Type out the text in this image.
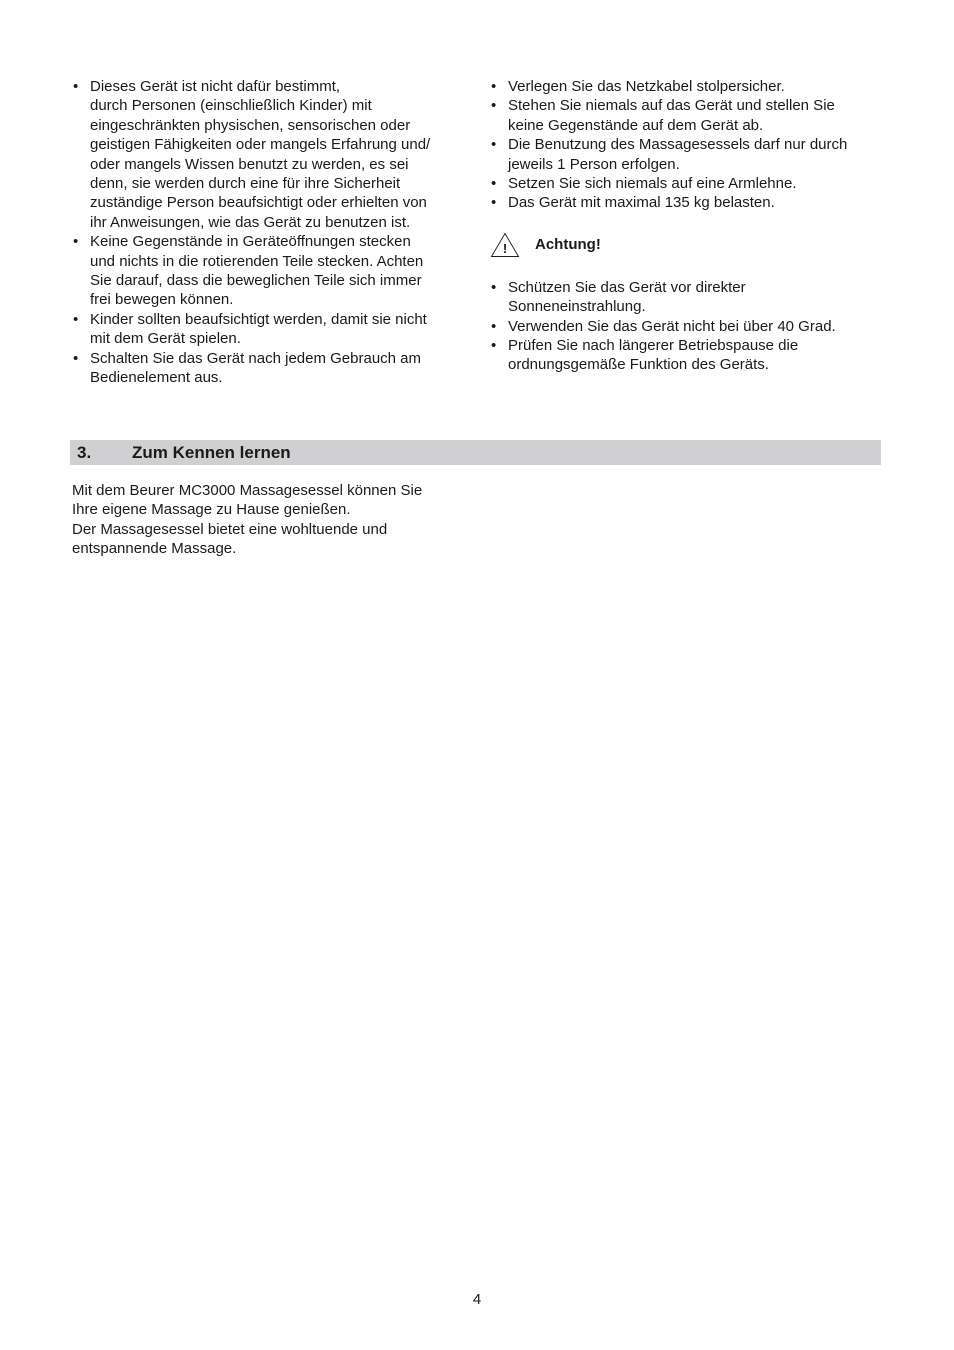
• Dieses Gerät ist nicht dafür bestimmt,
durch Personen (einschließlich Kinder) mit
eingeschränkten physischen, sensorischen oder
geistigen Fähigkeiten oder mangels Erfahrung und/
oder mangels Wissen benutzt zu werden, es sei
denn, sie werden durch eine für ihre Sicherheit
zuständige Person beaufsichtigt oder erhielten von
ihr Anweisungen, wie das Gerät zu benutzen ist.
• Keine Gegenstände in Geräteöffnungen stecken
und nichts in die rotierenden Teile stecken. Achten
Sie darauf, dass die beweglichen Teile sich immer
frei bewegen können.
• Kinder sollten beaufsichtigt werden, damit sie nicht
mit dem Gerät spielen.
• Schalten Sie das Gerät nach jedem Gebrauch am
Bedienelement aus.
• Verlegen Sie das Netzkabel stolpersicher.
• Stehen Sie niemals auf das Gerät und stellen Sie
keine Gegenstände auf dem Gerät ab.
• Die Benutzung des Massagesessels darf nur durch
jeweils 1 Person erfolgen.
• Setzen Sie sich niemals auf eine Armlehne.
• Das Gerät mit maximal 135 kg belasten.
! Achtung!
• Schützen Sie das Gerät vor direkter
Sonneneinstrahlung.
• Verwenden Sie das Gerät nicht bei über 40 Grad.
• Prüfen Sie nach längerer Betriebspause die
ordnungsgemäße Funktion des Geräts.
3.	Zum Kennen lernen

Mit dem Beurer MC3000 Massagesessel können Sie

Ihre eigene Massage zu Hause genießen.

Der Massagesessel bietet eine wohltuende und

entspannende Massage.

4
